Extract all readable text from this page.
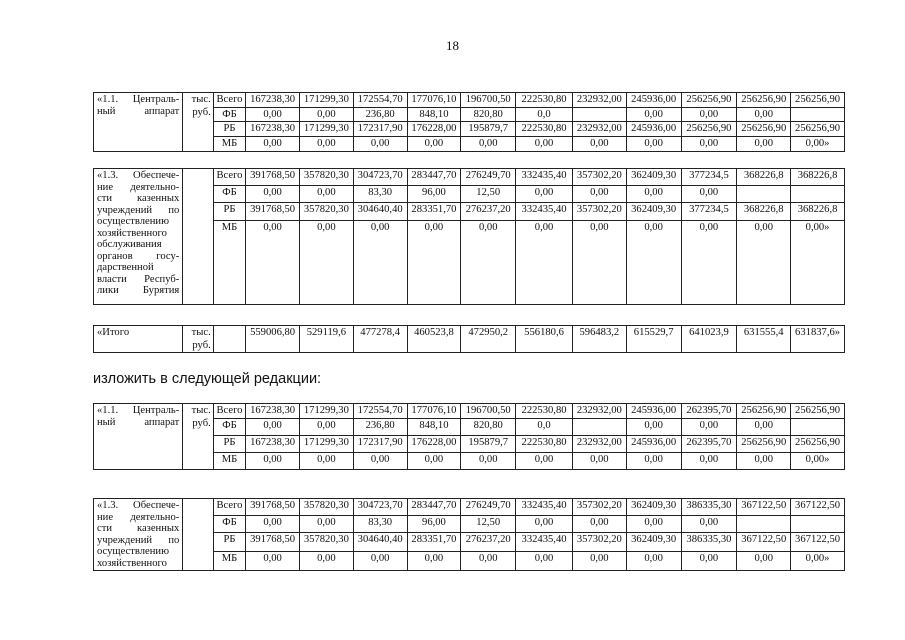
18
«1.1. Централь-ный аппарат	тыс. руб.	Всего	167238,30	171299,30	172554,70	177076,10	196700,50	222530,80	232932,00	245936,00	256256,90	256256,90	256256,90
		ФБ	0,00	0,00	236,80	848,10	820,80	0,0		0,00	0,00	0,00	
		РБ	167238,30	171299,30	172317,90	176228,00	195879,7	222530,80	232932,00	245936,00	256256,90	256256,90	256256,90
		МБ	0,00	0,00	0,00	0,00	0,00	0,00	0,00	0,00	0,00	0,00	0,00»
«1.3. Обеспече-ние деятельно-сти казенных учреждений по осуществлению хозяйственного обслуживания органов госу-дарственной власти Респуб-лики Бурятия		Всего	391768,50	357820,30	304723,70	283447,70	276249,70	332435,40	357302,20	362409,30	377234,5	368226,8	368226,8
		ФБ	0,00	0,00	83,30	96,00	12,50	0,00	0,00	0,00	0,00		
		РБ	391768,50	357820,30	304640,40	283351,70	276237,20	332435,40	357302,20	362409,30	377234,5	368226,8	368226,8
		МБ	0,00	0,00	0,00	0,00	0,00	0,00	0,00	0,00	0,00	0,00	0,00»
«Итого	тыс. руб.		559006,80	529119,6	477278,4	460523,8	472950,2	556180,6	596483,2	615529,7	641023,9	631555,4	631837,6»
изложить в следующей редакции:
«1.1. Централь-ный аппарат	тыс. руб.	Всего	167238,30	171299,30	172554,70	177076,10	196700,50	222530,80	232932,00	245936,00	262395,70	256256,90	256256,90
		ФБ	0,00	0,00	236,80	848,10	820,80	0,0		0,00	0,00	0,00	
		РБ	167238,30	171299,30	172317,90	176228,00	195879,7	222530,80	232932,00	245936,00	262395,70	256256,90	256256,90
		МБ	0,00	0,00	0,00	0,00	0,00	0,00	0,00	0,00	0,00	0,00	0,00»
«1.3. Обеспече-ние деятельно-сти казенных учреждений по осуществлению хозяйственного		Всего	391768,50	357820,30	304723,70	283447,70	276249,70	332435,40	357302,20	362409,30	386335,30	367122,50	367122,50
		ФБ	0,00	0,00	83,30	96,00	12,50	0,00	0,00	0,00	0,00		
		РБ	391768,50	357820,30	304640,40	283351,70	276237,20	332435,40	357302,20	362409,30	386335,30	367122,50	367122,50
		МБ	0,00	0,00	0,00	0,00	0,00	0,00	0,00	0,00	0,00	0,00	0,00»
